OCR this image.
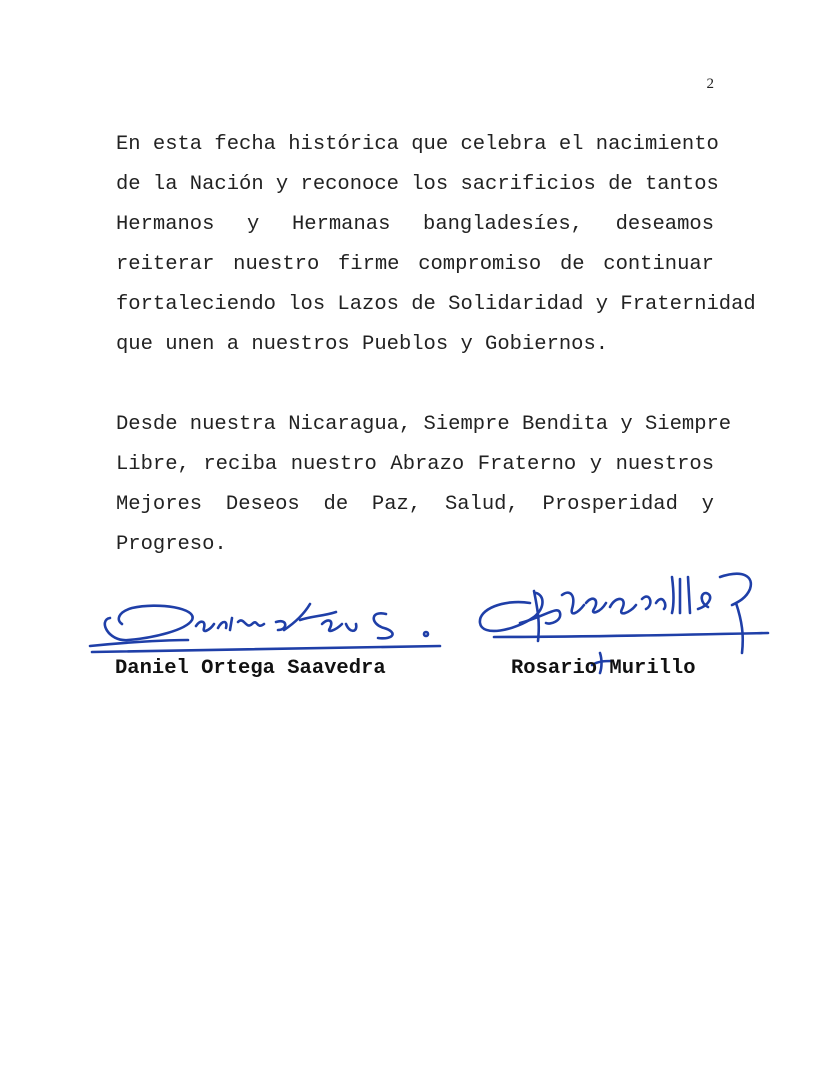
2

En esta fecha histórica que celebra el nacimiento
de la Nación y reconoce los sacrificios de tantos
Hermanos y Hermanas bangladesíes, deseamos
reiterar nuestro firme compromiso de continuar
fortaleciendo los Lazos de Solidaridad y Fraternidad
que unen a nuestros Pueblos y Gobiernos.

Desde nuestra Nicaragua, Siempre Bendita y Siempre
Libre, reciba nuestro Abrazo Fraterno y nuestros
Mejores Deseos de Paz, Salud, Prosperidad y
Progreso.

Daniel Ortega Saavedra	Rosario Murillo
